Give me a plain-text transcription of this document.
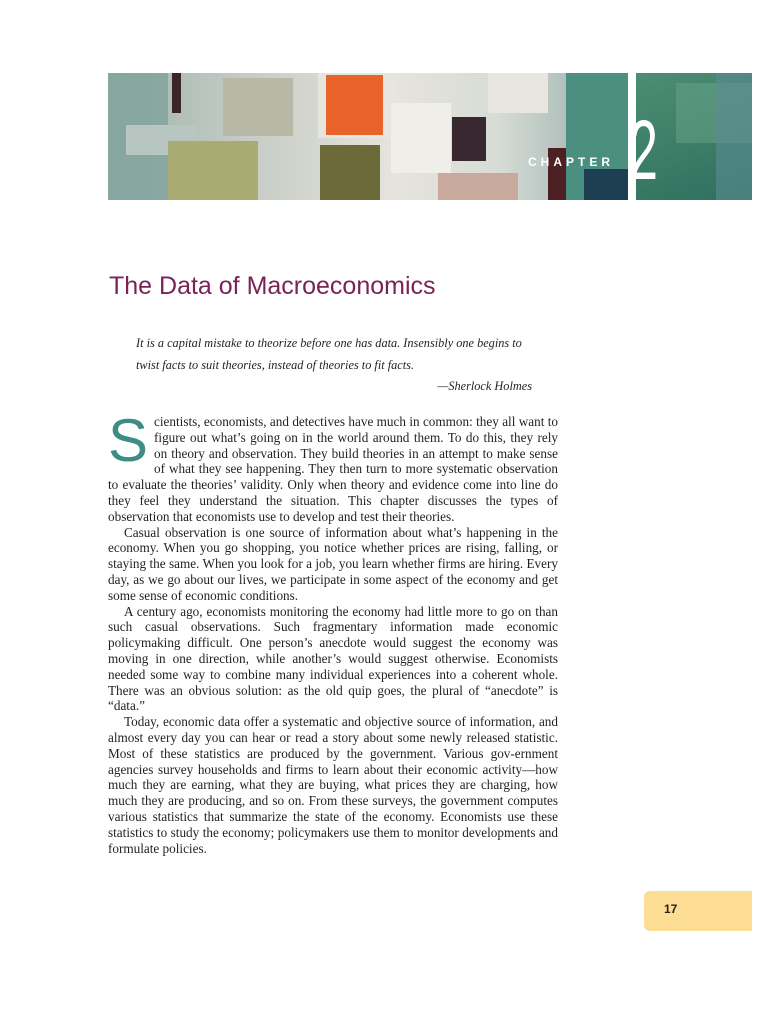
CHAPTER 2
The Data of Macroeconomics

It is a capital mistake to theorize before one has data. Insensibly one begins to twist facts to suit theories, instead of theories to fit facts.

—Sherlock Holmes

Scientists, economists, and detectives have much in common: they all want to figure out what’s going on in the world around them. To do this, they rely on theory and observation. They build theories in an attempt to make sense of what they see happening. They then turn to more systematic observation to evaluate the theories’ validity. Only when theory and evidence come into line do they feel they understand the situation. This chapter discusses the types of observation that economists use to develop and test their theories.

Casual observation is one source of information about what’s happening in the economy. When you go shopping, you notice whether prices are rising, falling, or staying the same. When you look for a job, you learn whether firms are hiring. Every day, as we go about our lives, we participate in some aspect of the economy and get some sense of economic conditions.

A century ago, economists monitoring the economy had little more to go on than such casual observations. Such fragmentary information made economic policymaking difficult. One person’s anecdote would suggest the economy was moving in one direction, while another’s would suggest otherwise. Economists needed some way to combine many individual experiences into a coherent whole. There was an obvious solution: as the old quip goes, the plural of “anecdote” is “data.”

Today, economic data offer a systematic and objective source of information, and almost every day you can hear or read a story about some newly released statistic. Most of these statistics are produced by the government. Various gov-ernment agencies survey households and firms to learn about their economic activity—how much they are earning, what they are buying, what prices they are charging, how much they are producing, and so on. From these surveys, the government computes various statistics that summarize the state of the economy. Economists use these statistics to study the economy; policymakers use them to monitor developments and formulate policies.

17
